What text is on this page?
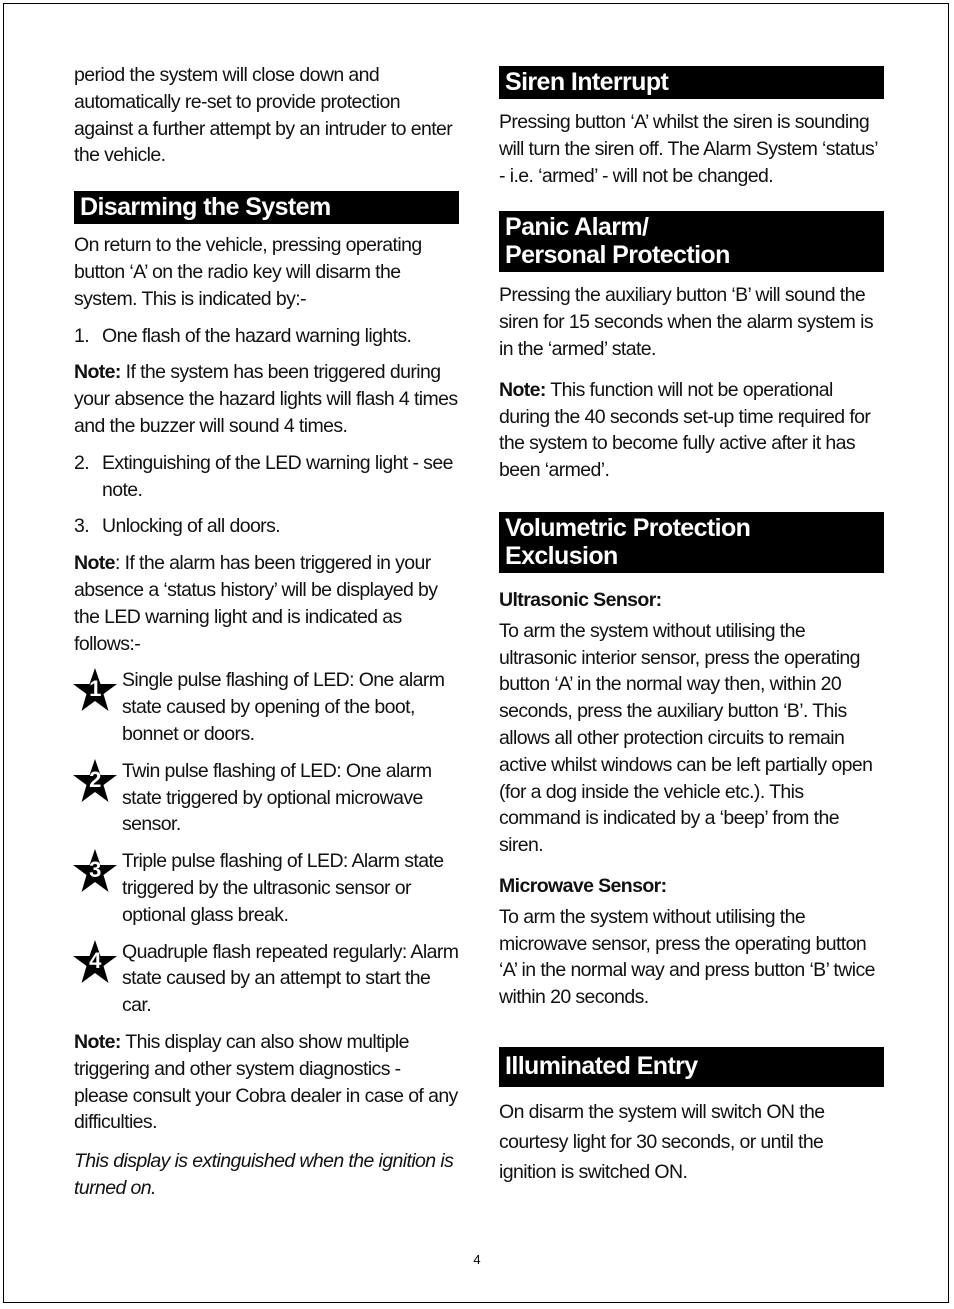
period the system will close down and automatically re-set to provide protection against a further attempt by an intruder to enter the vehicle.

Disarming the System

On return to the vehicle, pressing operating button ‘A’ on the radio key will disarm the system. This is indicated by:-

1. One flash of the hazard warning lights.

Note: If the system has been triggered during your absence the hazard lights will flash 4 times and the buzzer will sound 4 times.

2. Extinguishing of the LED warning light - see note.
3. Unlocking of all doors.

Note: If the alarm has been triggered in your absence a ‘status history’ will be displayed by the LED warning light and is indicated as follows:-

1	Single pulse flashing of LED: One alarm state caused by opening of the boot, bonnet or doors.
2	Twin pulse flashing of LED: One alarm state triggered by optional microwave sensor.
3	Triple pulse flashing of LED: Alarm state triggered by the ultrasonic sensor or optional glass break.
4	Quadruple flash repeated regularly: Alarm state caused by an attempt to start the car.

Note: This display can also show multiple triggering and other system diagnostics - please consult your Cobra dealer in case of any difficulties.

This display is extinguished when the ignition is turned on.

Siren Interrupt

Pressing button ‘A’ whilst the siren is sounding will turn the siren off. The Alarm System ‘status’ - i.e. ‘armed’ - will not be changed.

Panic Alarm/
Personal Protection

Pressing the auxiliary button ‘B’ will sound the siren for 15 seconds when the alarm system is in the ‘armed’ state.

Note: This function will not be operational during the 40 seconds set-up time required for the system to become fully active after it has been ‘armed’.

Volumetric Protection
Exclusion

Ultrasonic Sensor:

To arm the system without utilising the ultrasonic interior sensor, press the operating button ‘A’ in the normal way then, within 20 seconds, press the auxiliary button ‘B’. This allows all other protection circuits to remain active whilst windows can be left partially open (for a dog inside the vehicle etc.). This command is indicated by a ‘beep’ from the siren.

Microwave Sensor:

To arm the system without utilising the microwave sensor, press the operating button ‘A’ in the normal way and press button ‘B’ twice within 20 seconds.

Illuminated Entry

On disarm the system will switch ON the courtesy light for 30 seconds, or until the ignition is switched ON.

4
